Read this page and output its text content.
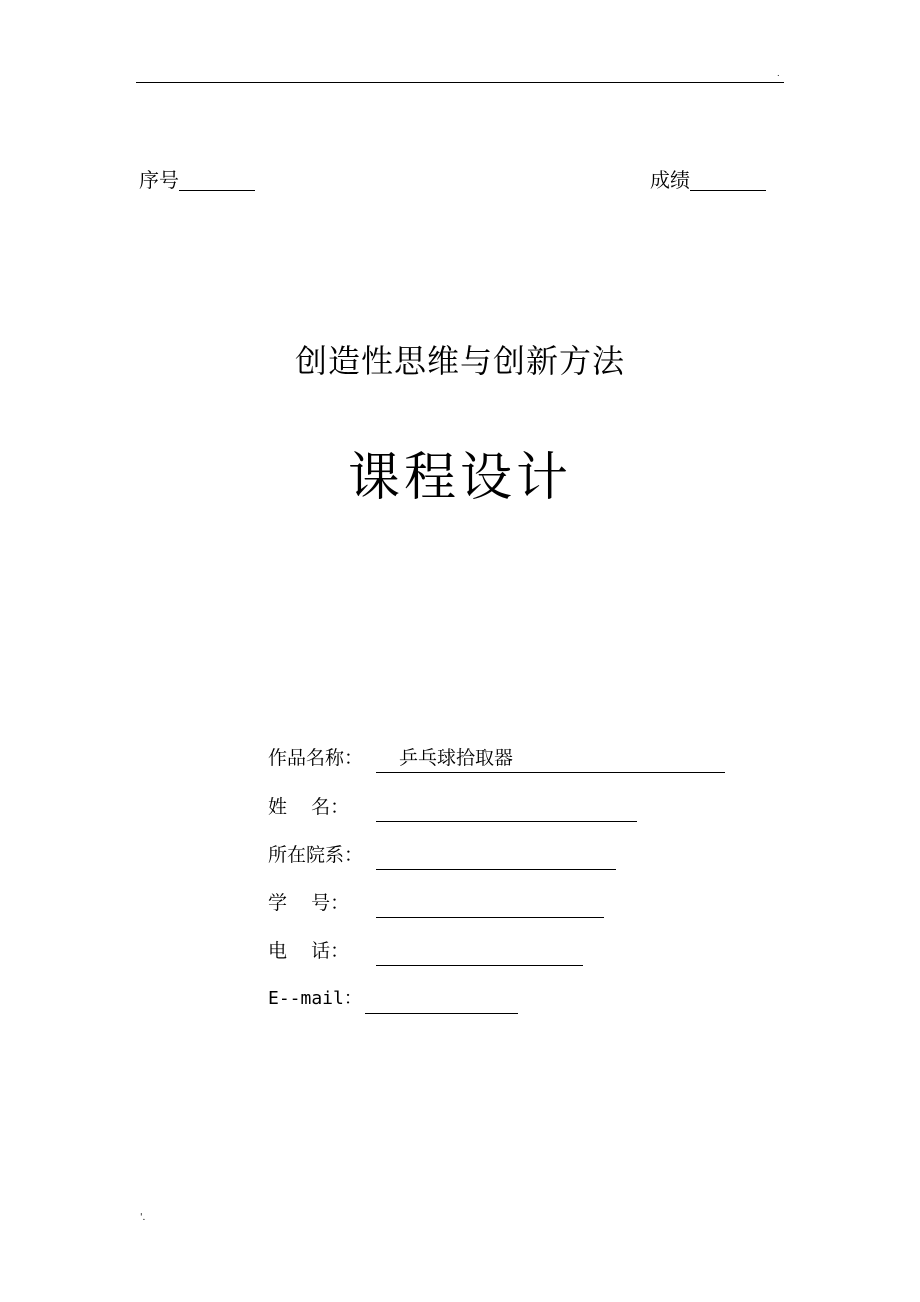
.
序号	成绩
创造性思维与创新方法
课程设计
作品名称： 乒乓球拾取器
姓    名：
所在院系：
学    号：
电    话：
E--mail：
'.
